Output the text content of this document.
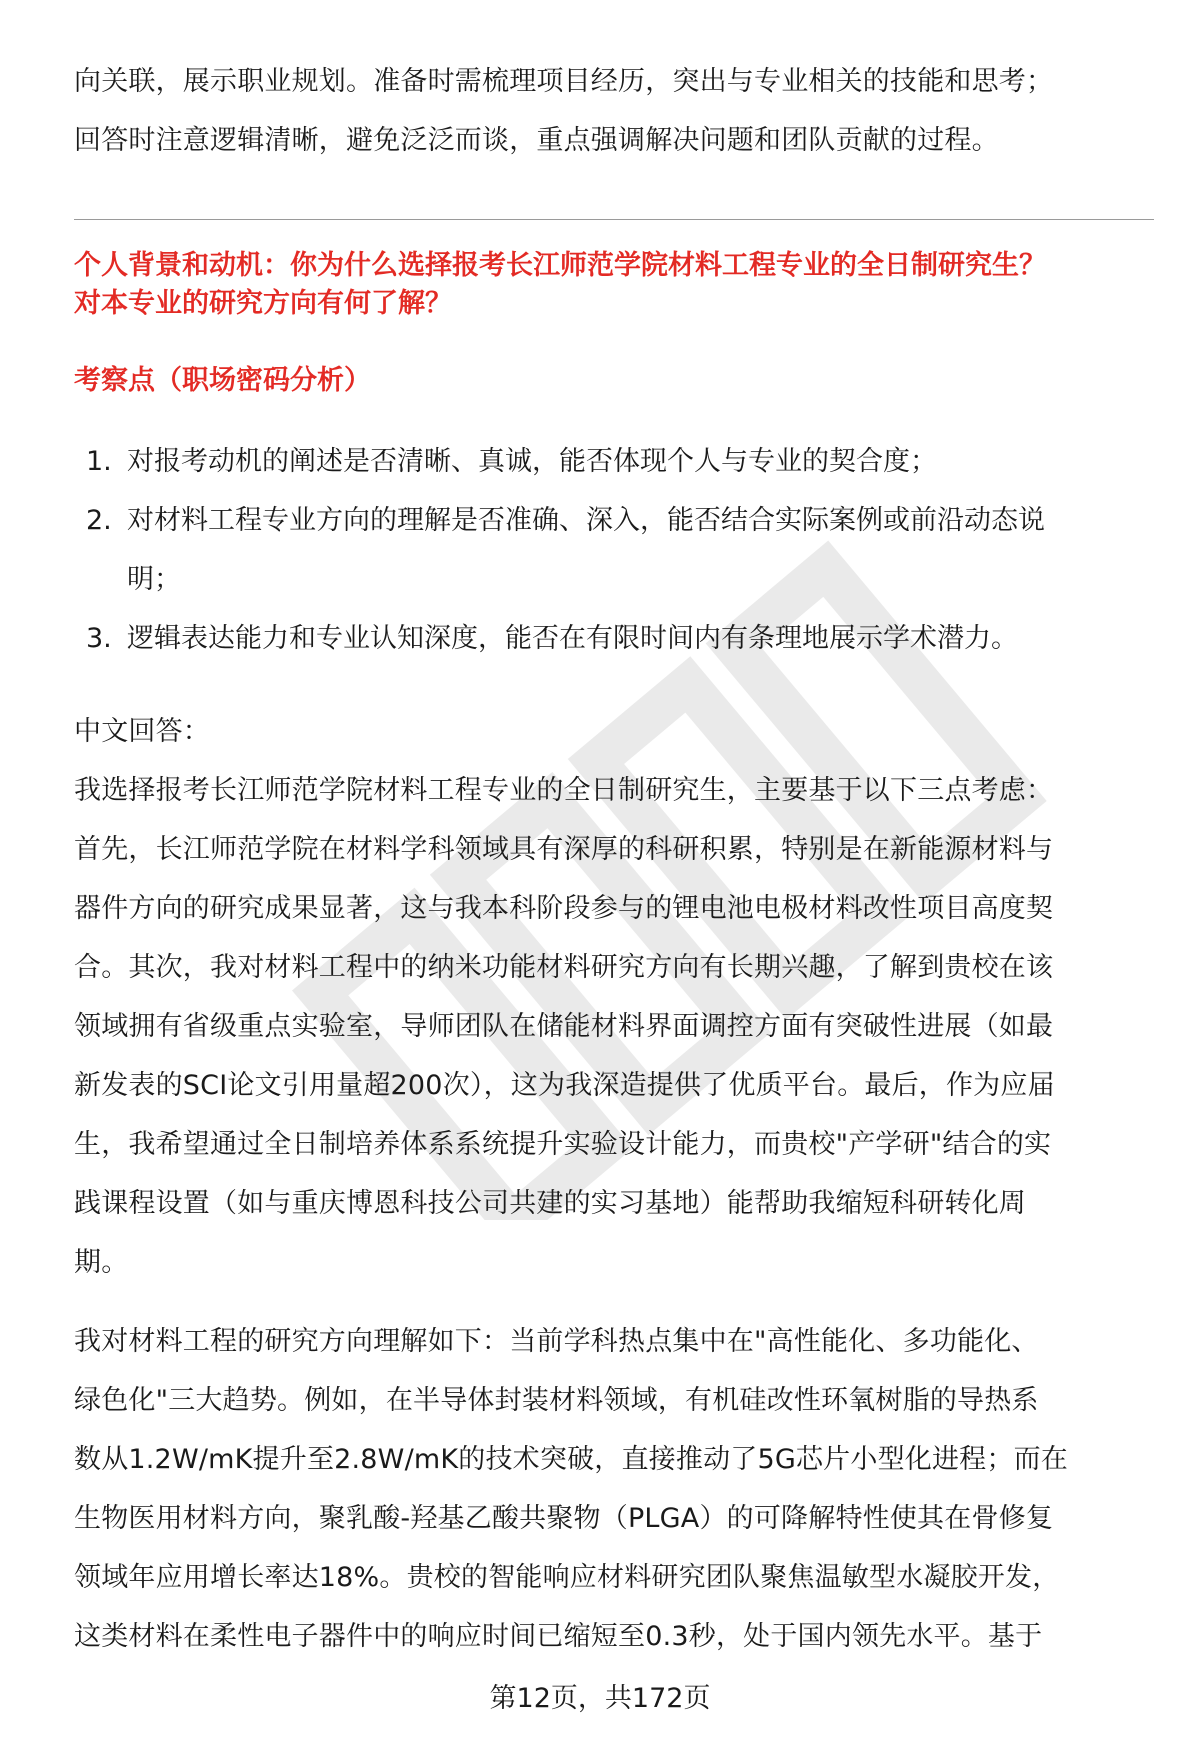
向关联，展示职业规划。准备时需梳理项目经历，突出与专业相关的技能和思考；

回答时注意逻辑清晰，避免泛泛而谈，重点强调解决问题和团队贡献的过程。

个人背景和动机：你为什么选择报考长江师范学院材料工程专业的全日制研究生？
对本专业的研究方向有何了解？
考察点（职场密码分析）
1. 对报考动机的阐述是否清晰、真诚，能否体现个人与专业的契合度；
2. 对材料工程专业方向的理解是否准确、深入，能否结合实际案例或前沿动态说
明；
3. 逻辑表达能力和专业认知深度，能否在有限时间内有条理地展示学术潜力。

中文回答：

我选择报考长江师范学院材料工程专业的全日制研究生，主要基于以下三点考虑：

首先，长江师范学院在材料学科领域具有深厚的科研积累，特别是在新能源材料与

器件方向的研究成果显著，这与我本科阶段参与的锂电池电极材料改性项目高度契

合。其次，我对材料工程中的纳米功能材料研究方向有长期兴趣，了解到贵校在该

领域拥有省级重点实验室，导师团队在储能材料界面调控方面有突破性进展（如最

新发表的SCI论文引用量超200次），这为我深造提供了优质平台。最后，作为应届

生，我希望通过全日制培养体系系统提升实验设计能力，而贵校"产学研"结合的实

践课程设置（如与重庆博恩科技公司共建的实习基地）能帮助我缩短科研转化周

期。

我对材料工程的研究方向理解如下：当前学科热点集中在"高性能化、多功能化、

绿色化"三大趋势。例如，在半导体封装材料领域，有机硅改性环氧树脂的导热系

数从1.2W/mK提升至2.8W/mK的技术突破，直接推动了5G芯片小型化进程；而在

生物医用材料方向，聚乳酸-羟基乙酸共聚物（PLGA）的可降解特性使其在骨修复

领域年应用增长率达18%。贵校的智能响应材料研究团队聚焦温敏型水凝胶开发，

这类材料在柔性电子器件中的响应时间已缩短至0.3秒，处于国内领先水平。基于

第12页，共172页
